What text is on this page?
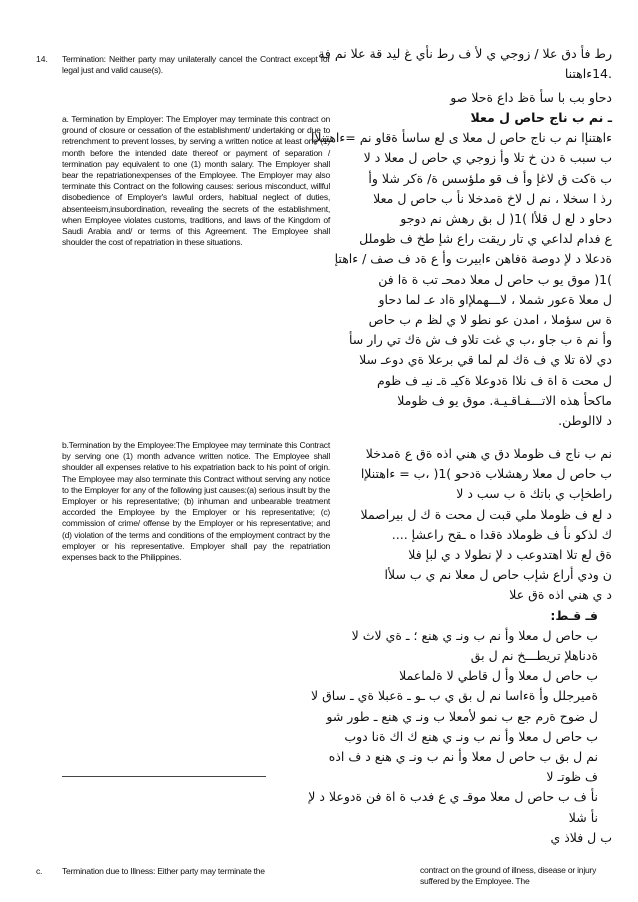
14. Termination: Neither party may unilaterally cancel the Contract except for legal just and valid cause(s).

a. Termination by Employer: The Employer may terminate this contract on ground of closure or cessation of the establishment/ undertaking or due to retrenchment to prevent losses, by serving a written notice at least one (1) month before the intended date thereof or payment of separation / termination pay equivalent to one (1) month salary. The Employer shall bear the repatriationexpenses of the Employee. The Employer may also terminate this Contract on the following causes: serious misconduct, willful disobedience of Employer's lawful orders, habitual neglect of duties, absenteeism,insubordination, revealing the secrets of the establishment, when Employee violates customs, traditions, and laws of the Kingdom of Saudi Arabia and/ or terms of this Agreement. The Employee shall shoulder the cost of repatriation in these situations.

b.Termination by the Employee:The Employee may terminate this Contract by serving one (1) month advance written notice. The Employee shall shoulder all expenses relative to his expatriation back to his point of origin. The Employee may also terminate this Contract without serving any notice to the Employer for any of the following just causes:(a) serious insult by the Employer or his representative; (b) inhuman and unbearable treatment accorded the Employee by the Employer or his representative; (c) commission of crime/ offense by the Employer or his representative; and (d) violation of the terms and conditions of the employment contract by the employer or his representative. Employer shall pay the repatriation expenses back to the Philippines.

رط فأ دق علا / زوجي ي لأ ف رط نأي غ ليد قة علا نم فة
.14ءاهتنا
دحاو بب با سأ ةظ داع ةحلا صو
ـ نم ب ناج حاص ل معلا
ءاهتنإا نم ب ناج حاص ل معلا ى لع ساسأ ةقاو نم =ءاهتنلإا
ب سبب ة دن خ تلا وأ زوجي ي حاص ل معلا د لا
ب ةكت ق لاغإ وأ ف قو ملؤسس ة/ ةكر شلا وأ
رذ ا سخلا ، نم ل لاخ ةمدخلا نأ ب حاص ل معلا
دحاو د لع ل قلأا )1( ل بق رهش نم دوجو
ع فدام لداعي ي تار ريقت راع شإ طخ ف ظوملل
ةدعلا د لإ دوصة ةفاهن ءابيرت وأ ع ةد ف صف / ءاهتإ
)1( موق يو ب حاص ل معلا دمحـ تب ة ةا فن
ل معلا ةعور شملا ، لاـــهملإاو ةاد عـ لما دحاو
ة س سؤملا ، امدن عو نطو لا ي لظ م ب حاص
وأ نم ة ب جاو ،ب ي غت تلاو ف ش ةك تي رار سأ
دي لاة تلا ي ف ةك لم لما قي برعلا ةي دوعـ سلا
ل محت ة اة ف نلاا ةدوعلا ةكيـ ةـ نيـ ف ظوم
ماكحأ هذه الاتـــفـاقـيـة. موق يو ف ظوملا
د لاالوطن.
نم ب ناج ف ظوملا دق ي هني اذه ةق ع ةمدخلا
ب حاص ل معلا رهشلاب ةدحو )1( ،ب = ءاهتنلإا
راطخإب ي باتك ة ب سب د لا
د لع ف ظوملا ملي قبت ل محت ة ك ل بيراصملا
ك لذكو نأ ف ظوملاد ةقدا ه ـقح راعشإ ....
ةق لع تلا اهتدوعب د لإ نطولا د ي لبإ فلا
ن ودي أراع شإب حاص ل معلا نم ي ب سلأا
د ي هني اذه ةق علا
فـ قـط:
ب حاص ل معلا وأ نم ب ونـ ي هنع ؛ ـ ةي لاث لا
ةدناهلإ تريطـــخ نم ل بق
ب حاص ل معلا وأ ل قاطي لا ةلماعملا
ةميرجلل وأ ةءاسا نم ل بق ي ب ـو ـ ةعبلا ةي ـ ساق لا
ل ضوح ةرم جع ب نمو لأمعلا ب ونـ ي هنع ـ طور شو
ب حاص ل معلا وأ نم ب ونـ ي هنع ك اك ةنا دوب
نم ل بق ب حاص ل معلا وأ نم ب ونـ ي هنع د ف اذه
ف ظوتـ لا
نأ ف ب حاص ل معلا موقـ ي ع فدب ة اة فن ةدوعلا د لإ
نأ شلا
ب ل فلاذ ي
c. Termination due to Illness: Either party may terminate the	contract on the ground of illness, disease or injury suffered by the Employee. The
